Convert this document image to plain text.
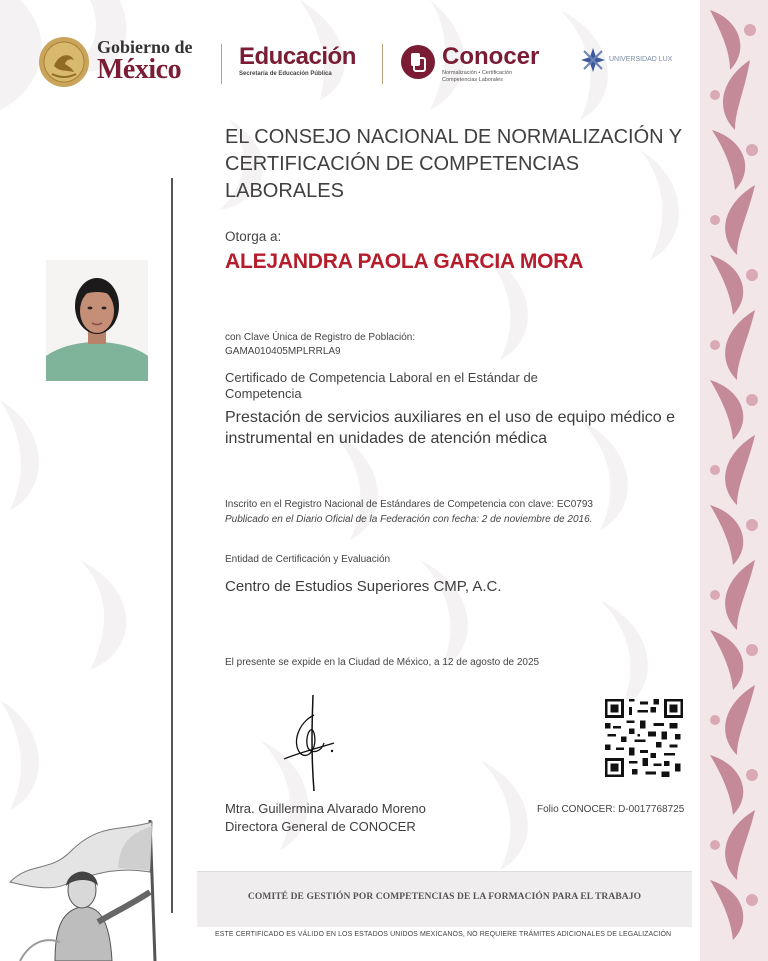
Gobierno de
México	Educación
Secretaría de Educación Pública
Conocer
Normalización • Certificación
Competencias Laborales
UNIVERSIDAD LUX
EL CONSEJO NACIONAL DE NORMALIZACIÓN Y
CERTIFICACIÓN DE COMPETENCIAS LABORALES
Otorga a:
ALEJANDRA PAOLA GARCIA MORA
con Clave Única de Registro de Población:
GAMA010405MPLRRLA9
Certificado de Competencia Laboral en el Estándar de
Competencia
Prestación de servicios auxiliares en el uso de equipo médico e instrumental en unidades de atención médica
Inscrito en el Registro Nacional de Estándares de Competencia con clave: EC0793
Publicado en el Diario Oficial de la Federación con fecha: 2 de noviembre de 2016.
Entidad de Certificación y Evaluación
Centro de Estudios Superiores CMP, A.C.
El presente se expide en la Ciudad de México, a 12 de agosto de 2025
Mtra. Guillermina Alvarado Moreno
Directora General de CONOCER
Folio CONOCER: D-0017768725
COMITÉ DE GESTIÓN POR COMPETENCIAS DE LA FORMACIÓN PARA EL TRABAJO
ESTE CERTIFICADO ES VÁLIDO EN LOS ESTADOS UNIDOS MEXICANOS, NO REQUIERE TRÁMITES ADICIONALES DE LEGALIZACIÓN
